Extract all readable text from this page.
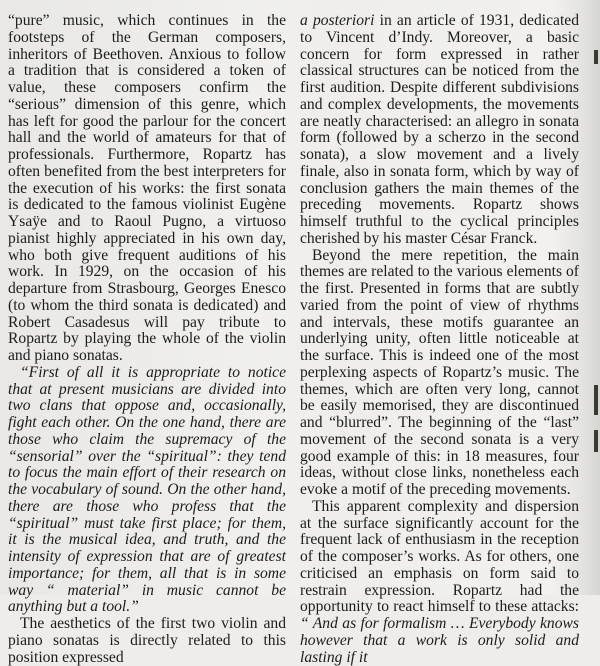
“pure” music, which continues in the footsteps of the German composers, inheritors of Beethoven. Anxious to follow a tradition that is considered a token of value, these composers confirm the “serious” dimension of this genre, which has left for good the parlour for the concert hall and the world of amateurs for that of professionals. Furthermore, Ropartz has often benefited from the best interpreters for the execution of his works: the first sonata is dedicated to the famous violinist Eugène Ysaÿe and to Raoul Pugno, a virtuoso pianist highly appreciated in his own day, who both give frequent auditions of his work. In 1929, on the occasion of his departure from Strasbourg, Georges Enesco (to whom the third sonata is dedicated) and Robert Casadesus will pay tribute to Ropartz by playing the whole of the violin and piano sonatas.

“First of all it is appropriate to notice that at present musicians are divided into two clans that oppose and, occasionally, fight each other. On the one hand, there are those who claim the supremacy of the “sensorial” over the “spiritual”: they tend to focus the main effort of their research on the vocabulary of sound. On the other hand, there are those who profess that the “spiritual” must take first place; for them, it is the musical idea, and truth, and the intensity of expression that are of greatest importance; for them, all that is in some way “ material” in music cannot be anything but a tool.”

The aesthetics of the first two violin and piano sonatas is directly related to this position expressed

a posteriori in an article of 1931, dedicated to Vincent d’Indy. Moreover, a basic concern for form expressed in rather classical structures can be noticed from the first audition. Despite different subdivisions and complex developments, the movements are neatly characterised: an allegro in sonata form (followed by a scherzo in the second sonata), a slow movement and a lively finale, also in sonata form, which by way of conclusion gathers the main themes of the preceding movements. Ropartz shows himself truthful to the cyclical principles cherished by his master César Franck.

Beyond the mere repetition, the main themes are related to the various elements of the first. Presented in forms that are subtly varied from the point of view of rhythms and intervals, these motifs guarantee an underlying unity, often little noticeable at the surface. This is indeed one of the most perplexing aspects of Ropartz’s music. The themes, which are often very long, cannot be easily memorised, they are discontinued and “blurred”. The beginning of the “last” movement of the second sonata is a very good example of this: in 18 measures, four ideas, without close links, nonetheless each evoke a motif of the preceding movements.

This apparent complexity and dispersion at the surface significantly account for the frequent lack of enthusiasm in the reception of the composer’s works. As for others, one criticised an emphasis on form said to restrain expression. Ropartz had the opportunity to react himself to these attacks: “ And as for formalism … Everybody knows however that a work is only solid and lasting if it
